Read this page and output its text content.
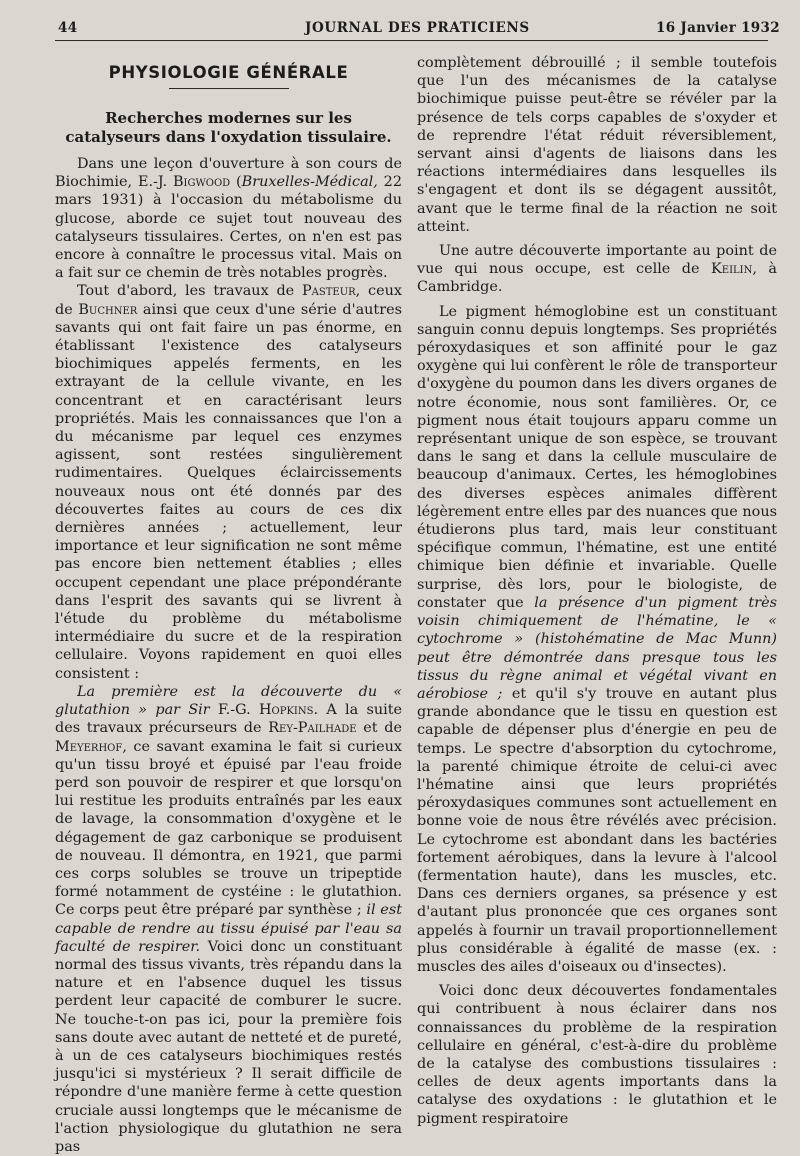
44	JOURNAL DES PRATICIENS	16 Janvier 1932
PHYSIOLOGIE GÉNÉRALE
Recherches modernes sur les catalyseurs dans l'oxydation tissulaire.

Dans une leçon d'ouverture à son cours de Biochimie, E.-J. Bigwood (Bruxelles-Médical, 22 mars 1931) à l'occasion du métabolisme du glucose, aborde ce sujet tout nouveau des catalyseurs tissulaires. Certes, on n'en est pas encore à connaître le processus vital. Mais on a fait sur ce chemin de très notables progrès.

Tout d'abord, les travaux de Pasteur, ceux de Buchner ainsi que ceux d'une série d'autres savants qui ont fait faire un pas énorme, en établissant l'existence des catalyseurs biochimiques appelés ferments, en les extrayant de la cellule vivante, en les concentrant et en caractérisant leurs propriétés. Mais les connaissances que l'on a du mécanisme par lequel ces enzymes agissent, sont restées singulièrement rudimentaires. Quelques éclaircissements nouveaux nous ont été donnés par des découvertes faites au cours de ces dix dernières années ; actuellement, leur importance et leur signification ne sont même pas encore bien nettement établies ; elles occupent cependant une place prépondérante dans l'esprit des savants qui se livrent à l'étude du problème du métabolisme intermédiaire du sucre et de la respiration cellulaire. Voyons rapidement en quoi elles consistent :

La première est la découverte du « glutathion » par Sir F.-G. Hopkins. A la suite des travaux précurseurs de Rey-Pailhade et de Meyerhof, ce savant examina le fait si curieux qu'un tissu broyé et épuisé par l'eau froide perd son pouvoir de respirer et que lorsqu'on lui restitue les produits entraînés par les eaux de lavage, la consommation d'oxygène et le dégagement de gaz carbonique se produisent de nouveau. Il démontra, en 1921, que parmi ces corps solubles se trouve un tripeptide formé notamment de cystéine : le glutathion. Ce corps peut être préparé par synthèse ; il est capable de rendre au tissu épuisé par l'eau sa faculté de respirer. Voici donc un constituant normal des tissus vivants, très répandu dans la nature et en l'absence duquel les tissus perdent leur capacité de comburer le sucre. Ne touche-t-on pas ici, pour la première fois sans doute avec autant de netteté et de pureté, à un de ces catalyseurs biochimiques restés jusqu'ici si mystérieux ? Il serait difficile de répondre d'une manière ferme à cette question cruciale aussi longtemps que le mécanisme de l'action physiologique du glutathion ne sera pas

complètement débrouillé ; il semble toutefois que l'un des mécanismes de la catalyse biochimique puisse peut-être se révéler par la présence de tels corps capables de s'oxyder et de reprendre l'état réduit réversiblement, servant ainsi d'agents de liaisons dans les réactions intermédiaires dans lesquelles ils s'engagent et dont ils se dégagent aussitôt, avant que le terme final de la réaction ne soit atteint.

Une autre découverte importante au point de vue qui nous occupe, est celle de Keilin, à Cambridge.

Le pigment hémoglobine est un constituant sanguin connu depuis longtemps. Ses propriétés péroxydasiques et son affinité pour le gaz oxygène qui lui confèrent le rôle de transporteur d'oxygène du poumon dans les divers organes de notre économie, nous sont familières. Or, ce pigment nous était toujours apparu comme un représentant unique de son espèce, se trouvant dans le sang et dans la cellule musculaire de beaucoup d'animaux. Certes, les hémoglobines des diverses espèces animales diffèrent légèrement entre elles par des nuances que nous étudierons plus tard, mais leur constituant spécifique commun, l'hématine, est une entité chimique bien définie et invariable. Quelle surprise, dès lors, pour le biologiste, de constater que la présence d'un pigment très voisin chimiquement de l'hématine, le « cytochrome » (histohématine de Mac Munn) peut être démontrée dans presque tous les tissus du règne animal et végétal vivant en aérobiose ; et qu'il s'y trouve en autant plus grande abondance que le tissu en question est capable de dépenser plus d'énergie en peu de temps. Le spectre d'absorption du cytochrome, la parenté chimique étroite de celui-ci avec l'hématine ainsi que leurs propriétés péroxydasiques communes sont actuellement en bonne voie de nous être révélés avec précision. Le cytochrome est abondant dans les bactéries fortement aérobiques, dans la levure à l'alcool (fermentation haute), dans les muscles, etc. Dans ces derniers organes, sa présence y est d'autant plus prononcée que ces organes sont appelés à fournir un travail proportionnellement plus considérable à égalité de masse (ex. : muscles des ailes d'oiseaux ou d'insectes).

Voici donc deux découvertes fondamentales qui contribuent à nous éclairer dans nos connaissances du problème de la respiration cellulaire en général, c'est-à-dire du problème de la catalyse des combustions tissulaires : celles de deux agents importants dans la catalyse des oxydations : le glutathion et le pigment respiratoire
